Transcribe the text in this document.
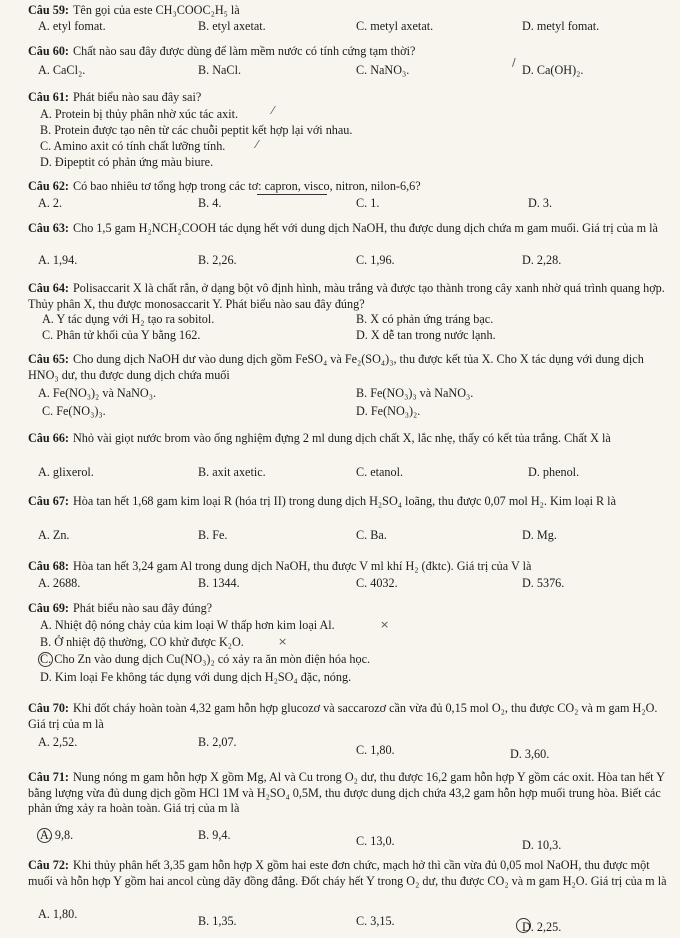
Câu 59: Tên gọi của este CH₃COOC₂H₅ là
A. etyl fomat.	B. etyl axetat.	C. metyl axetat.	D. metyl fomat.
Câu 60: Chất nào sau đây được dùng để làm mềm nước có tính cứng tạm thời?
A. CaCl₂.	B. NaCl.	C. NaNO₃.	D. Ca(OH)₂.
/
Câu 61: Phát biểu nào sau đây sai?
A. Protein bị thủy phân nhờ xúc tác axit.
B. Protein được tạo nên từ các chuỗi peptit kết hợp lại với nhau.
C. Amino axit có tính chất lưỡng tính.
D. Đipeptit có phản ứng màu biure.
⁄
⁄
Câu 62: Có bao nhiêu tơ tổng hợp trong các tơ: capron, visco, nitron, nilon-6,6?
A. 2.	B. 4.	C. 1.	D. 3.
Câu 63: Cho 1,5 gam H₂NCH₂COOH tác dụng hết với dung dịch NaOH, thu được dung dịch chứa m gam muối. Giá trị của m là
A. 1,94.	B. 2,26.	C. 1,96.	D. 2,28.
Câu 64: Polisaccarit X là chất rắn, ở dạng bột vô định hình, màu trắng và được tạo thành trong cây xanh nhờ quá trình quang hợp. Thủy phân X, thu được monosaccarit Y. Phát biểu nào sau đây đúng?
A. Y tác dụng với H₂ tạo ra sobitol.	B. X có phản ứng tráng bạc.
C. Phân tử khối của Y bằng 162.	D. X dễ tan trong nước lạnh.
Câu 65: Cho dung dịch NaOH dư vào dung dịch gồm FeSO₄ và Fe₂(SO₄)₃, thu được kết tủa X. Cho X tác dụng với dung dịch HNO₃ dư, thu được dung dịch chứa muối
A. Fe(NO₃)₂ và NaNO₃.	B. Fe(NO₃)₃ và NaNO₃.
C. Fe(NO₃)₃.	D. Fe(NO₃)₂.
Câu 66: Nhỏ vài giọt nước brom vào ống nghiệm đựng 2 ml dung dịch chất X, lắc nhẹ, thấy có kết tủa trắng. Chất X là
A. glixerol.	B. axit axetic.	C. etanol.	D. phenol.
Câu 67: Hòa tan hết 1,68 gam kim loại R (hóa trị II) trong dung dịch H₂SO₄ loãng, thu được 0,07 mol H₂. Kim loại R là
A. Zn.	B. Fe.	C. Ba.	D. Mg.
Câu 68: Hòa tan hết 3,24 gam Al trong dung dịch NaOH, thu được V ml khí H₂ (đktc). Giá trị của V là
A. 2688.	B. 1344.	C. 4032.	D. 5376.
Câu 69: Phát biểu nào sau đây đúng?
A. Nhiệt độ nóng chảy của kim loại W thấp hơn kim loại Al.
B. Ở nhiệt độ thường, CO khử được K₂O.
C. Cho Zn vào dung dịch Cu(NO₃)₂ có xảy ra ăn mòn điện hóa học.
D. Kim loại Fe không tác dụng với dung dịch H₂SO₄ đặc, nóng.
×
×
Câu 70: Khi đốt cháy hoàn toàn 4,32 gam hỗn hợp glucozơ và saccarozơ cần vừa đủ 0,15 mol O₂, thu được CO₂ và m gam H₂O. Giá trị của m là
A. 2,52.	B. 2,07.
C. 1,80.	D. 3,60.
Câu 71: Nung nóng m gam hỗn hợp X gồm Mg, Al và Cu trong O₂ dư, thu được 16,2 gam hỗn hợp Y gồm các oxit. Hòa tan hết Y bằng lượng vừa đủ dung dịch gồm HCl 1M và H₂SO₄ 0,5M, thu được dung dịch chứa 43,2 gam hỗn hợp muối trung hòa. Biết các phản ứng xảy ra hoàn toàn. Giá trị của m là
A. 9,8.	B. 9,4.	C. 13,0.	D. 10,3.
Câu 72: Khi thủy phân hết 3,35 gam hỗn hợp X gồm hai este đơn chức, mạch hở thì cần vừa đủ 0,05 mol NaOH, thu được một muối và hỗn hợp Y gồm hai ancol cùng dãy đồng đẳng. Đốt cháy hết Y trong O₂ dư, thu được CO₂ và m gam H₂O. Giá trị của m là
A. 1,80.	B. 1,35.	C. 3,15.	D. 2,25.
